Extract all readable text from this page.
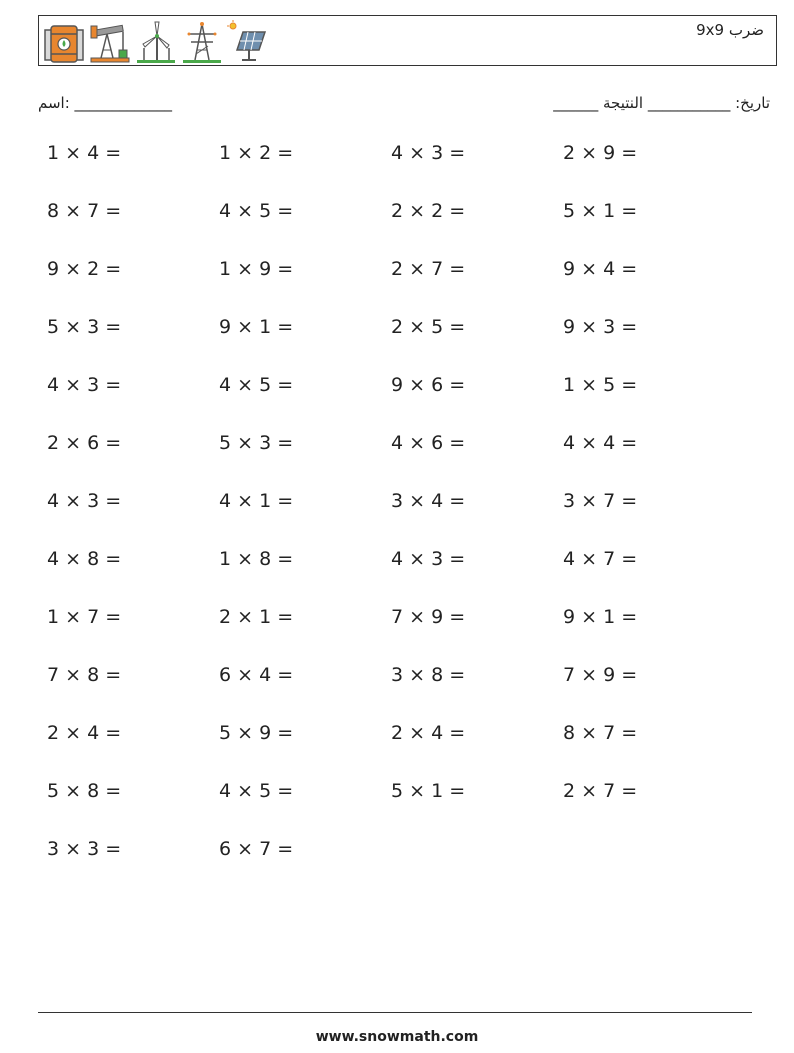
ضرب 9x9
اسم: _____________	تاريخ: ___________ النتيجة ______
1 × 4 =	1 × 2 =	4 × 3 =	2 × 9 =
8 × 7 =	4 × 5 =	2 × 2 =	5 × 1 =
9 × 2 =	1 × 9 =	2 × 7 =	9 × 4 =
5 × 3 =	9 × 1 =	2 × 5 =	9 × 3 =
4 × 3 =	4 × 5 =	9 × 6 =	1 × 5 =
2 × 6 =	5 × 3 =	4 × 6 =	4 × 4 =
4 × 3 =	4 × 1 =	3 × 4 =	3 × 7 =
4 × 8 =	1 × 8 =	4 × 3 =	4 × 7 =
1 × 7 =	2 × 1 =	7 × 9 =	9 × 1 =
7 × 8 =	6 × 4 =	3 × 8 =	7 × 9 =
2 × 4 =	5 × 9 =	2 × 4 =	8 × 7 =
5 × 8 =	4 × 5 =	5 × 1 =	2 × 7 =
3 × 3 =	6 × 7 =
www.snowmath.com
